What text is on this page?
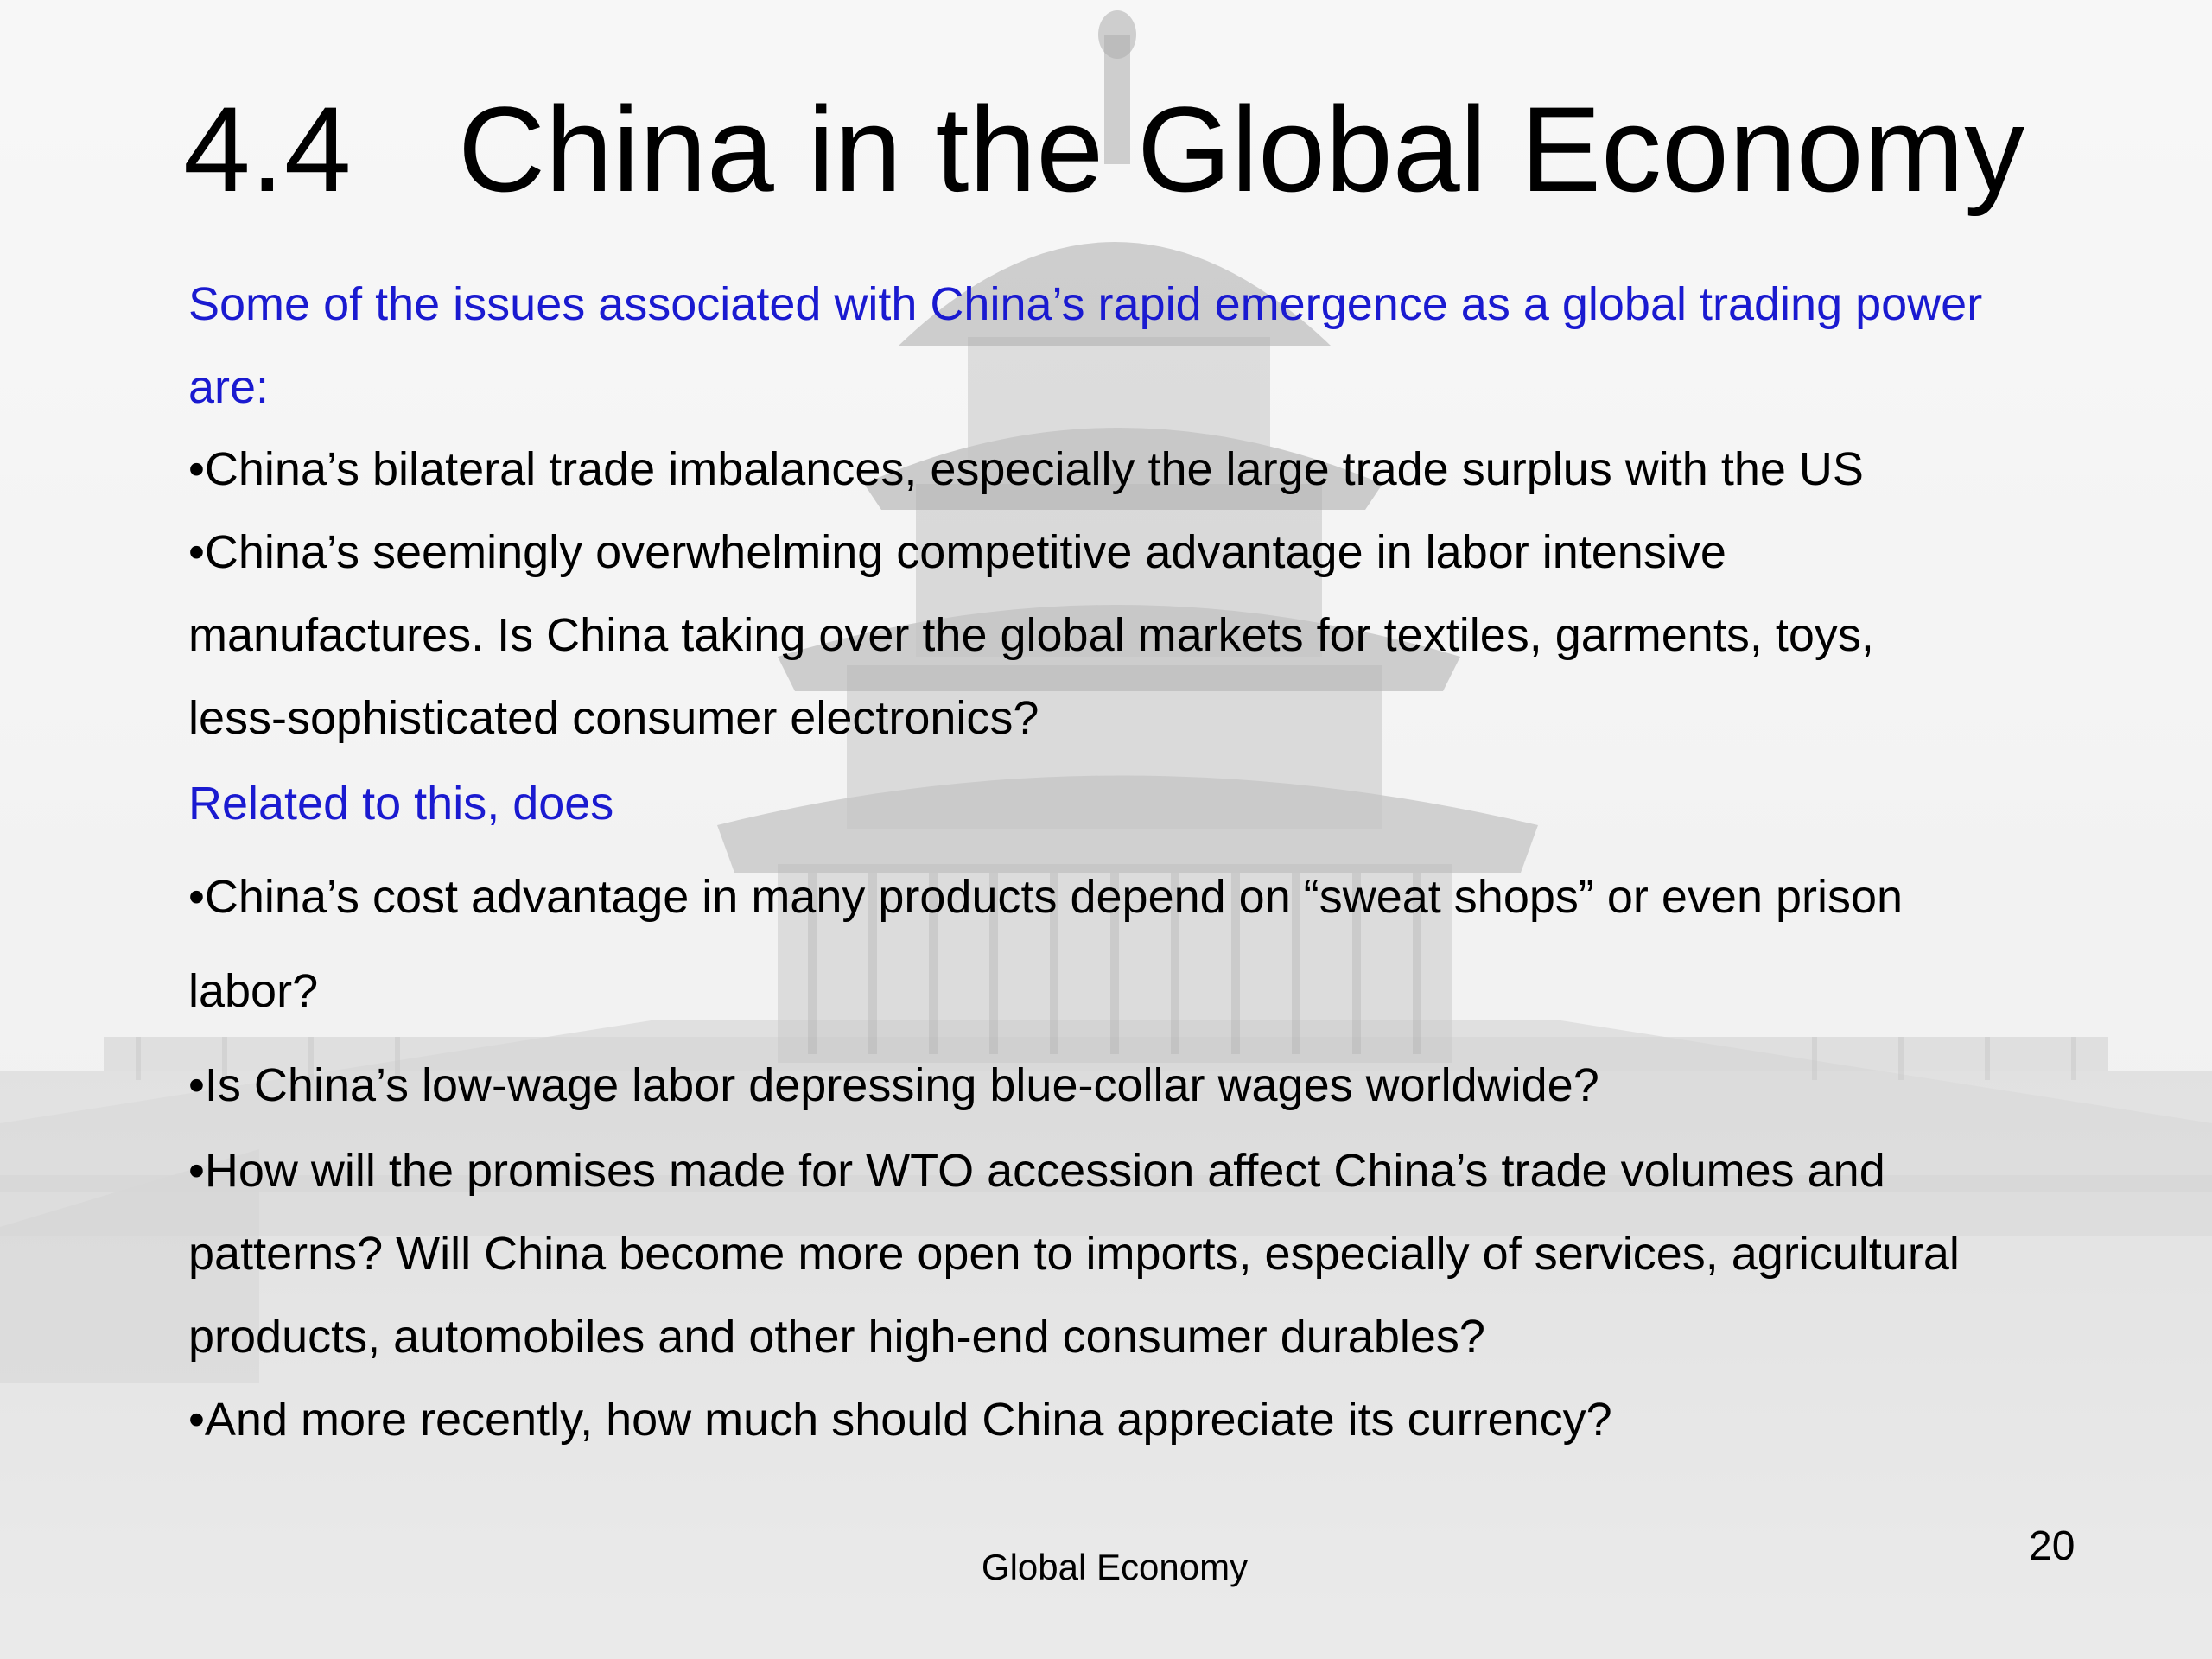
4.4 China in the Global Economy
Some of the issues associated with China’s rapid emergence as a global trading power
are:
•China’s bilateral trade imbalances, especially the large trade surplus with the US
•China’s seemingly overwhelming competitive advantage in labor intensive
manufactures. Is China taking over the global markets for textiles, garments, toys,
less-sophisticated consumer electronics?
Related to this, does
•China’s cost advantage in many products depend on “sweat shops” or even prison
labor?
•Is China’s low-wage labor depressing blue-collar wages worldwide?
•How will the promises made for WTO accession affect China’s trade volumes and
patterns? Will China become more open to imports, especially of services, agricultural
products, automobiles and other high-end consumer durables?
•And more recently, how much should China appreciate its currency?
Global Economy	20
